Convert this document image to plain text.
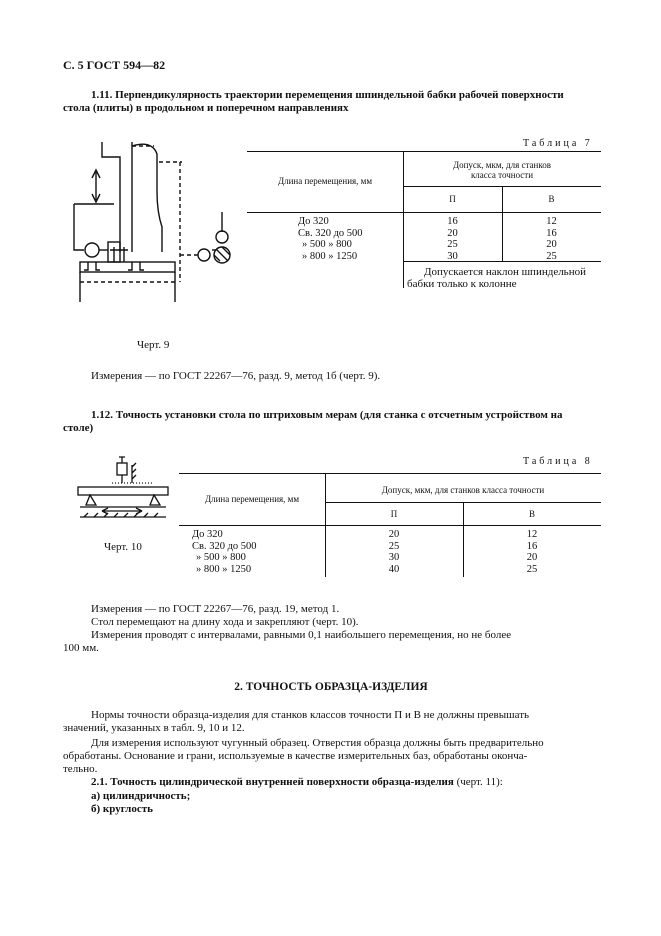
С. 5 ГОСТ 594—82
1.11. Перпендикулярность траектории перемещения шпиндельной бабки рабочей поверхности
стола (плиты) в продольном и поперечном направлениях
Черт. 9
Таблица 7
Длина перемещения, мм
Допуск, мкм, для станков
класса точности
П	В
До 320
Св. 320 до 500
» 500 » 800
» 800 » 1250
16
20
25
30
12
16
20
25
Допускается наклон шпиндельной
бабки только к колонне
Измерения — по ГОСТ 22267—76, разд. 9, метод 1б (черт. 9).
1.12. Точность установки стола по штриховым мерам (для станка с отсчетным устройством на
столе)
Черт. 10
Таблица 8
Длина перемещения, мм
Допуск, мкм, для станков класса точности
П	В
До 320
Св. 320 до 500
» 500 » 800
» 800 » 1250
20
25
30
40
12
16
20
25
Измерения — по ГОСТ 22267—76, разд. 19, метод 1.
Стол перемещают на длину хода и закрепляют (черт. 10).
Измерения проводят с интервалами, равными 0,1 наибольшего перемещения, но не более
100 мм.
2. ТОЧНОСТЬ ОБРАЗЦА-ИЗДЕЛИЯ
Нормы точности образца-изделия для станков классов точности П и В не должны превышать
значений, указанных в табл. 9, 10 и 12.
Для измерения используют чугунный образец. Отверстия образца должны быть предварительно
обработаны. Основание и грани, используемые в качестве измерительных баз, обработаны оконча-
тельно.
2.1. Точность цилиндрической внутренней поверхности образца-изделия (черт. 11):
а) цилиндричность;
б) круглость
